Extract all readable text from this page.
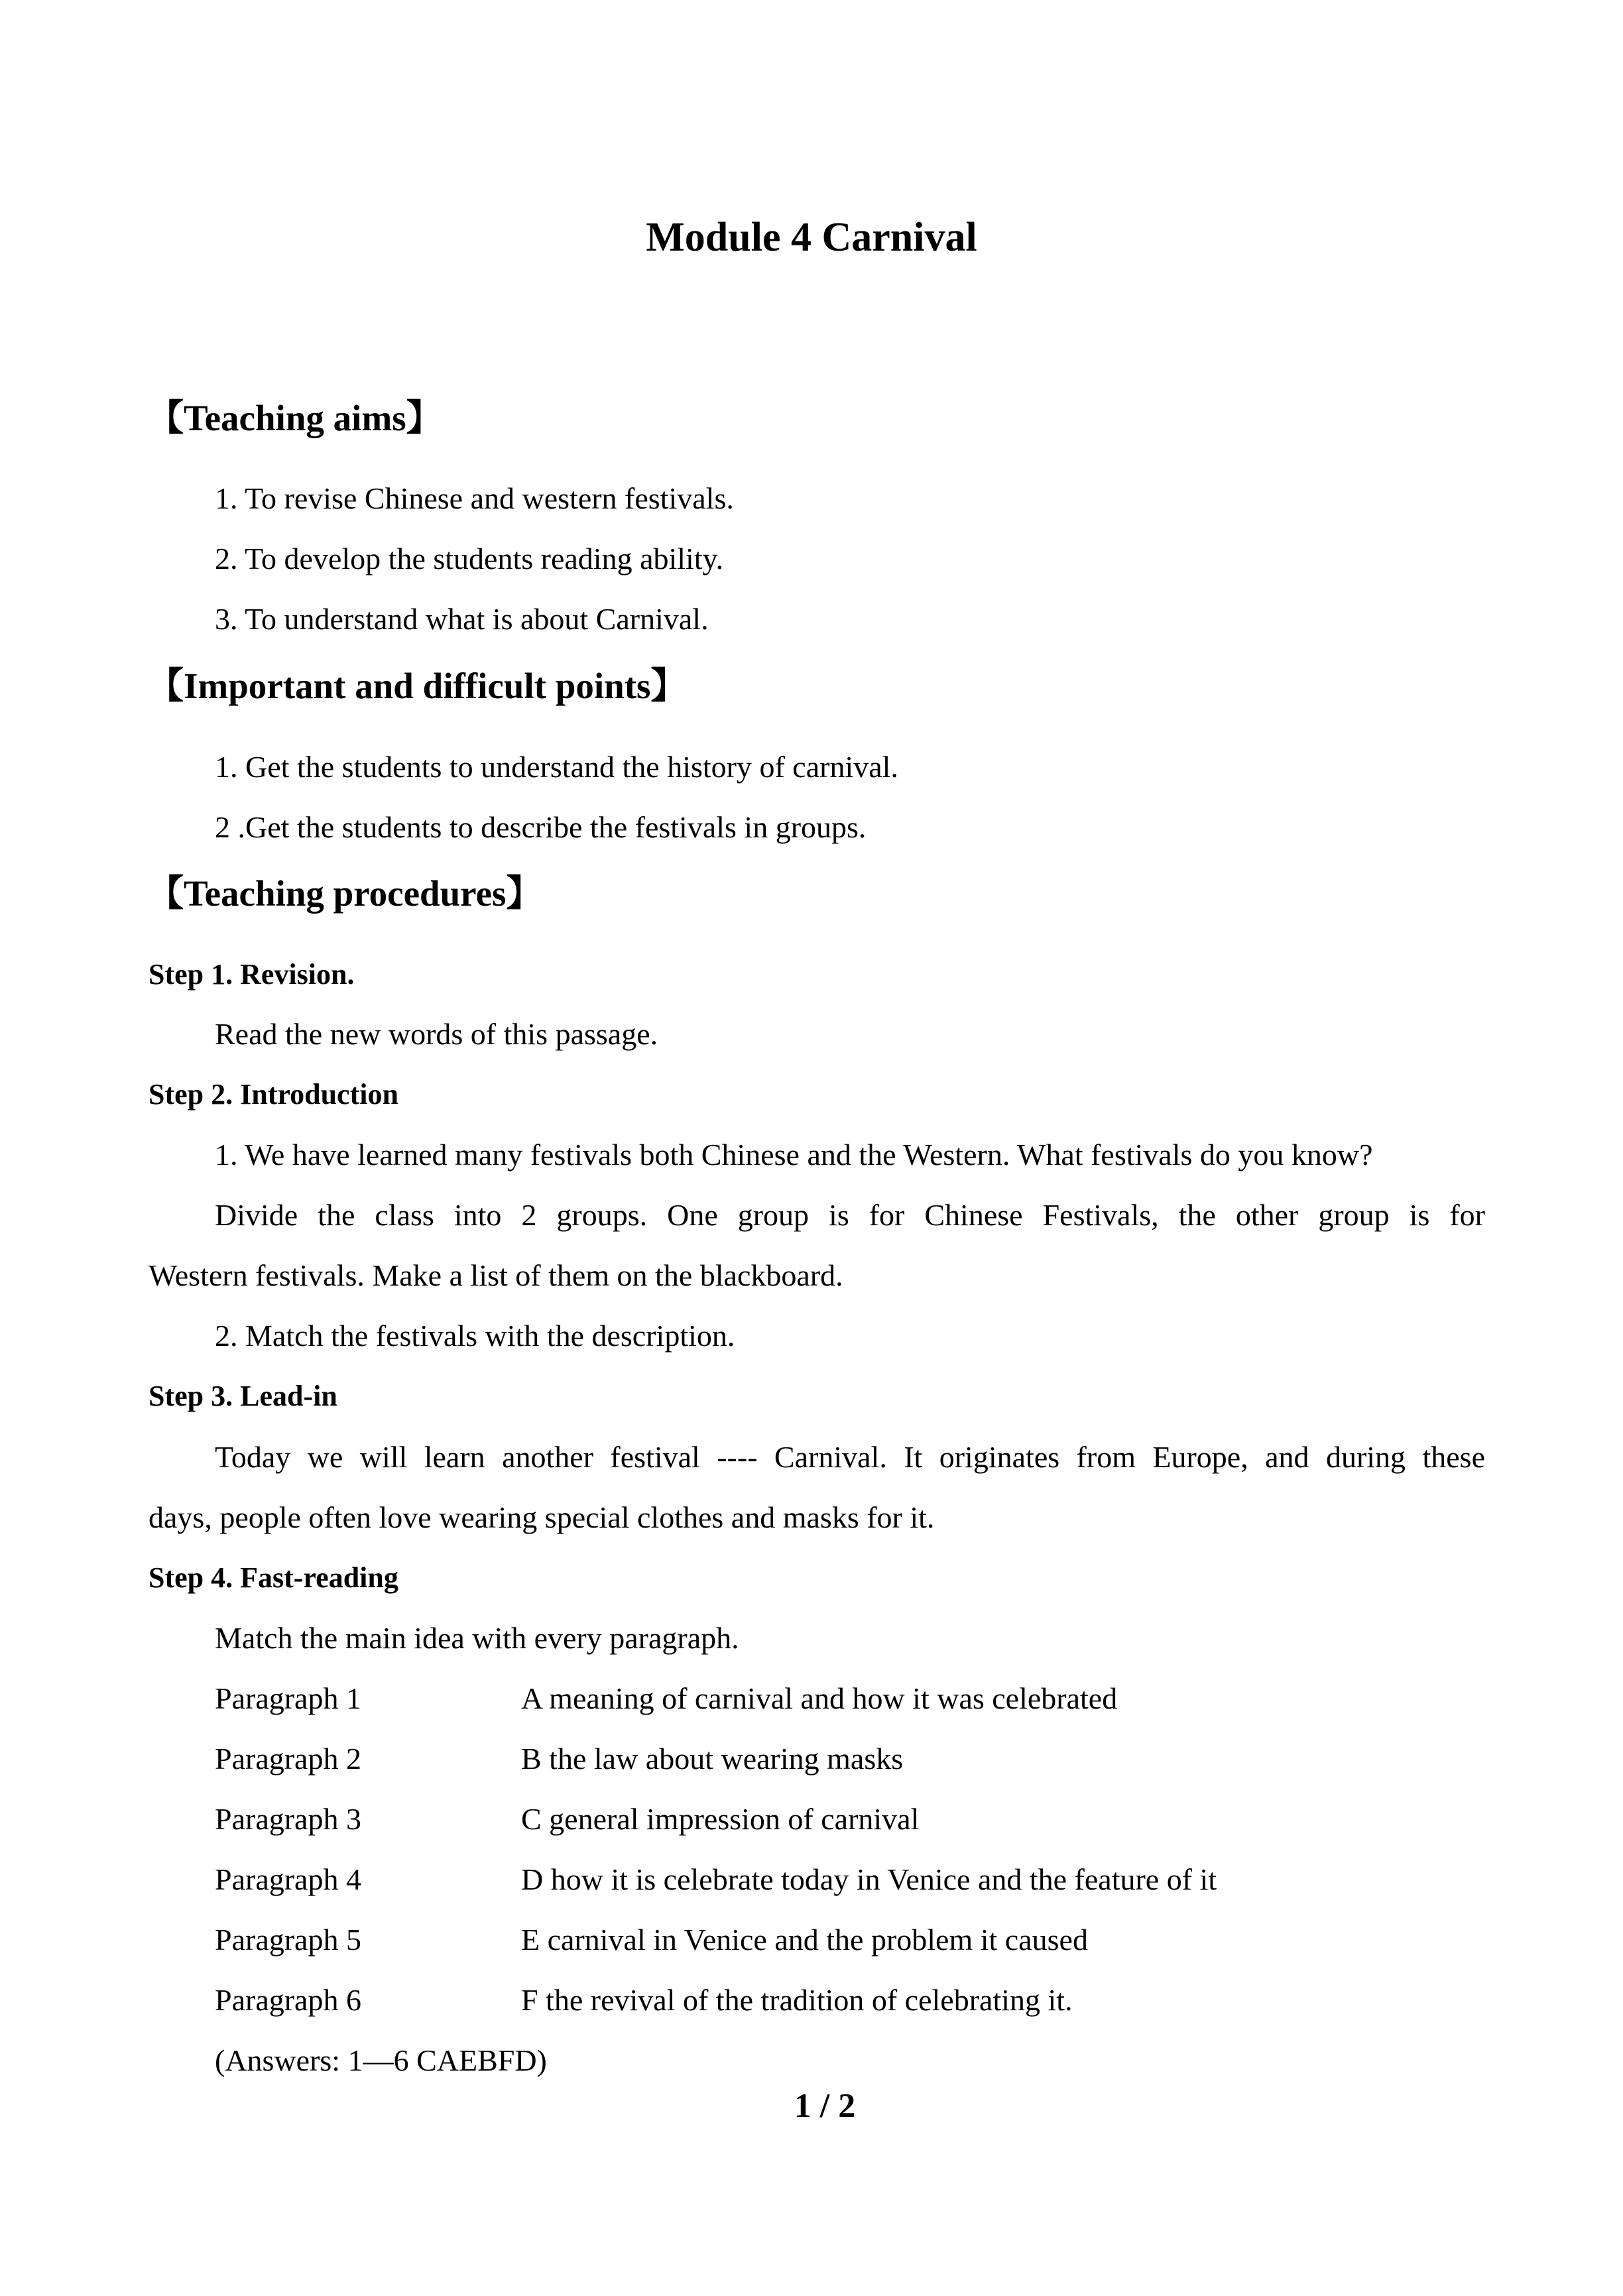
Module 4 Carnival
【Teaching aims】
1. To revise Chinese and western festivals.
2. To develop the students reading ability.
3. To understand what is about Carnival.
【Important and difficult points】
1. Get the students to understand the history of carnival.
2 .Get the students to describe the festivals in groups.
【Teaching procedures】
Step 1. Revision.
Read the new words of this passage.
Step 2. Introduction
1. We have learned many festivals both Chinese and the Western. What festivals do you know?
Divide the class into 2 groups. One group is for Chinese Festivals, the other group is for
Western festivals. Make a list of them on the blackboard.
2. Match the festivals with the description.
Step 3. Lead-in
Today we will learn another festival ---- Carnival. It originates from Europe, and during these
days, people often love wearing special clothes and masks for it.
Step 4. Fast-reading
Match the main idea with every paragraph.
Paragraph 1	A meaning of carnival and how it was celebrated
Paragraph 2	B the law about wearing masks
Paragraph 3	C general impression of carnival
Paragraph 4	D how it is celebrate today in Venice and the feature of it
Paragraph 5	E carnival in Venice and the problem it caused
Paragraph 6	F the revival of the tradition of celebrating it.
(Answers: 1—6 CAEBFD)
1 / 2
